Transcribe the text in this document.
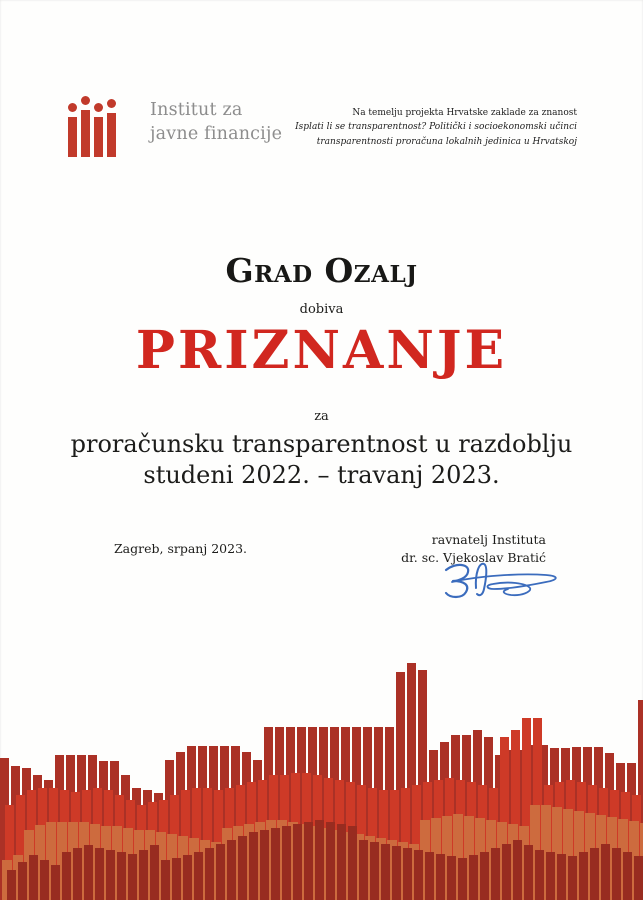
Institut za
javne financije
Na temelju projekta Hrvatske zaklade za znanost
Isplati li se transparentnost? Politički i socioekonomski učinci
transparentnosti proračuna lokalnih jedinica u Hrvatskoj
Grad Ozalj
dobiva
PRIZNANJE
za
proračunsku transparentnost u razdoblju
studeni 2022. – travanj 2023.
Zagreb, srpanj 2023.
ravnatelj Instituta
dr. sc. Vjekoslav Bratić
